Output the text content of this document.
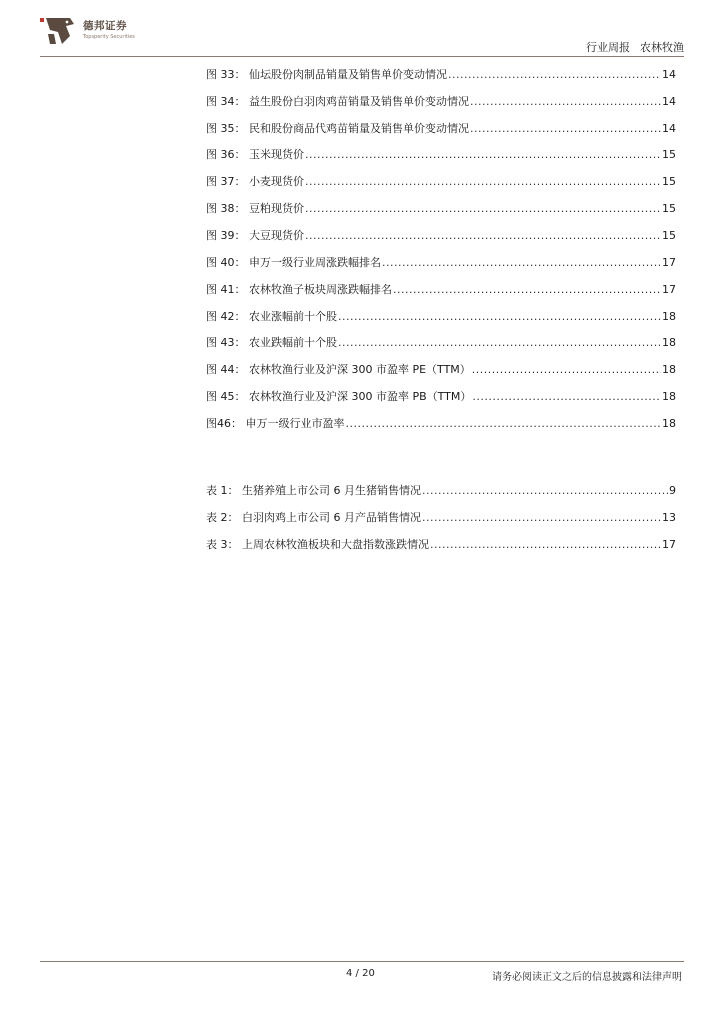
德邦证券
Topsperity Securities
行业周报 农林牧渔
图 33： 仙坛股份肉制品销量及销售单价变动情况 .....	14
图 34： 益生股份白羽肉鸡苗销量及销售单价变动情况 .....	14
图 35： 民和股份商品代鸡苗销量及销售单价变动情况 .....	14
图 36： 玉米现货价 .....	15
图 37： 小麦现货价 .....	15
图 38： 豆粕现货价 .....	15
图 39： 大豆现货价 .....	15
图 40： 申万一级行业周涨跌幅排名 .....	17
图 41： 农林牧渔子板块周涨跌幅排名 .....	17
图 42： 农业涨幅前十个股 .....	18
图 43： 农业跌幅前十个股 .....	18
图 44： 农林牧渔行业及沪深 300 市盈率 PE（TTM） .....	18
图 45： 农林牧渔行业及沪深 300 市盈率 PB（TTM） .....	18
图46： 申万一级行业市盈率 .....	18
表 1： 生猪养殖上市公司 6 月生猪销售情况 .....	9
表 2： 白羽肉鸡上市公司 6 月产品销售情况 .....	13
表 3： 上周农林牧渔板块和大盘指数涨跌情况 .....	17
4 / 20	请务必阅读正文之后的信息披露和法律声明
